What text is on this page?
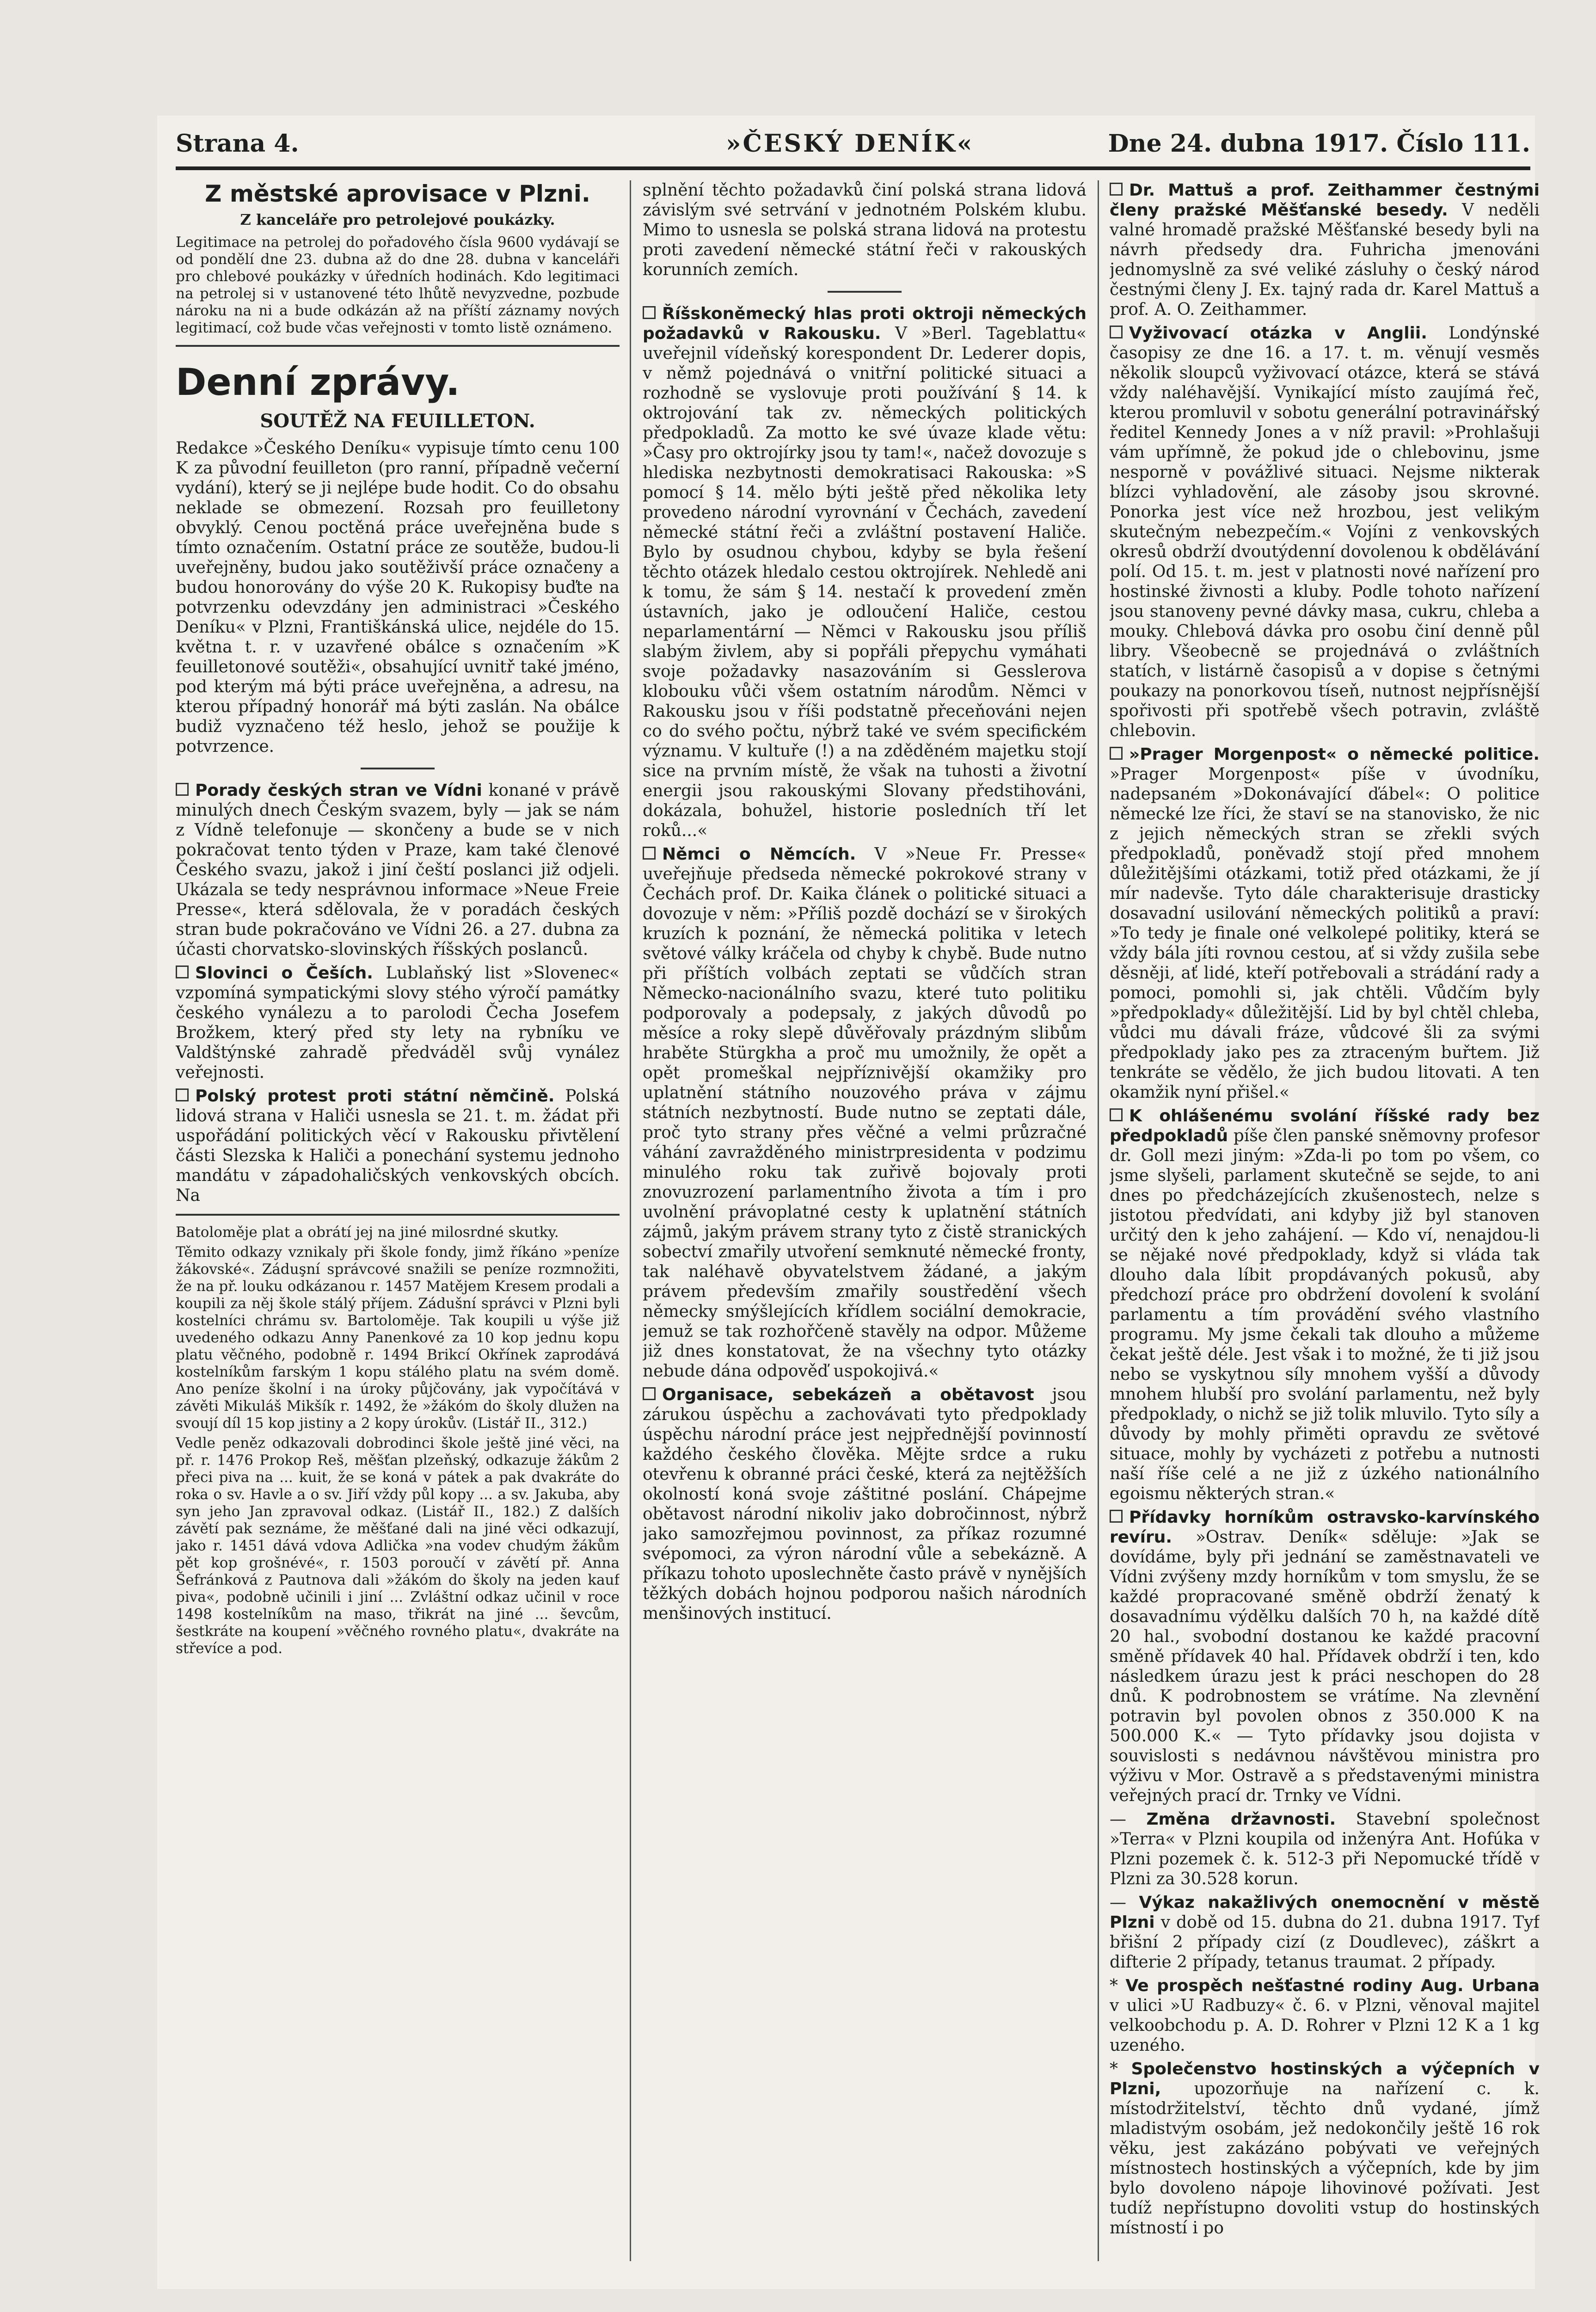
Strana 4.	»ČESKÝ DENÍK«	Dne 24. dubna 1917. Číslo 111.
Z městské aprovisace v Plzni.
Z kanceláře pro petrolejové poukázky.

Legitimace na petrolej do pořadového čísla 9600 vydávají se od pondělí dne 23. dubna až do dne 28. dubna v kanceláři pro chlebové poukázky v úředních hodinách. Kdo legitimaci na petrolej si v ustanovené této lhůtě nevyzvedne, pozbude nároku na ni a bude odkázán až na příští záznamy nových legitimací, což bude včas veřejnosti v tomto listě oznámeno.

Denní zprávy.
SOUTĚŽ NA FEUILLETON.

Redakce »Českého Deníku« vypisuje tímto cenu 100 K za původní feuilleton (pro ranní, případně večerní vydání), který se ji nejlépe bude hodit. Co do obsahu neklade se obmezení. Rozsah pro feuilletony obvyklý. Cenou poctěná práce uveřejněna bude s tímto označením. Ostatní práce ze soutěže, budou-li uveřejněny, budou jako soutěživší práce označeny a budou honorovány do výše 20 K. Rukopisy buďte na potvrzenku odevzdány jen administraci »Českého Deníku« v Plzni, Františkánská ulice, nejdéle do 15. května t. r. v uzavřené obálce s označením »K feuilletonové soutěži«, obsahující uvnitř také jméno, pod kterým má býti práce uveřejněna, a adresu, na kterou případný honorář má býti zaslán. Na obálce budiž vyznačeno též heslo, jehož se použije k potvrzence.

Porady českých stran ve Vídni konané v právě minulých dnech Českým svazem, byly — jak se nám z Vídně telefonuje — skončeny a bude se v nich pokračovat tento týden v Praze, kam také členové Českého svazu, jakož i jiní čeští poslanci již odjeli. Ukázala se tedy nesprávnou informace »Neue Freie Presse«, která sdělovala, že v poradách českých stran bude pokračováno ve Vídni 26. a 27. dubna za účasti chorvatsko-slovinských říšských poslanců.

Slovinci o Češích. Lublaňský list »Slovenec« vzpomíná sympatickými slovy stého výročí památky českého vynálezu a to parolodi Čecha Josefem Brožkem, který před sty lety na rybníku ve Valdštýnské zahradě předváděl svůj vynález veřejnosti.

Polský protest proti státní němčině. Polská lidová strana v Haliči usnesla se 21. t. m. žádat při uspořádání politických věcí v Rakousku přivtělení části Slezska k Haliči a ponechání systemu jednoho mandátu v západohaličských venkovských obcích. Na

Batoloměje plat a obrátí jej na jiné milosrdné skutky.

Těmito odkazy vznikaly při škole fondy, jimž říkáno »peníze žákovské«. Záduşní správcové snažili se peníze rozmnožiti, že na př. louku odkázanou r. 1457 Matějem Kresem prodali a koupili za něj škole stálý příjem. Zádušní správci v Plzni byli kostelníci chrámu sv. Bartoloměje. Tak koupili u výše již uvedeného odkazu Anny Panenkové za 10 kop jednu kopu platu věčného, podobně r. 1494 Brikcí Okřínek zaprodává kostelníkům farským 1 kopu stálého platu na svém domě. Ano peníze školní i na úroky půjčovány, jak vypočítává v závěti Mikuláš Mikšík r. 1492, že »žákóm do školy dlužen na svoují díl 15 kop jistiny a 2 kopy úrokův. (Listář II., 312.)

Vedle peněz odkazovali dobrodinci škole ještě jiné věci, na př. r. 1476 Prokop Reš, měšťan plzeňský, odkazuje žákům 2 přeci piva na ... kuit, že se koná v pátek a pak dvakráte do roka o sv. Havle a o sv. Jiří vždy půl kopy ... a sv. Jakuba, aby syn jeho Jan zpravoval odkaz. (Listář II., 182.) Z dalších závětí pak seznáme, že měšťané dali na jiné věci odkazují, jako r. 1451 dává vdova Adlička »na vodev chudým žákům pět kop grošnévé«, r. 1503 poroučí v závětí př. Anna Šefránková z Pautnova dali »žákóm do školy na jeden kauf piva«, podobně učinili i jiní ... Zvláštní odkaz učinil v roce 1498 kostelníkům na maso, třikrát na jiné ... ševcům, šestkráte na koupení »věčného rovného platu«, dvakráte na střevíce a pod.

splnění těchto požadavků činí polská strana lidová závislým své setrvání v jednotném Polském klubu. Mimo to usnesla se polská strana lidová na protestu proti zavedení německé státní řeči v rakouských korunních zemích.

Říšskoněmecký hlas proti oktroji německých požadavků v Rakousku. V »Berl. Tageblattu« uveřejnil vídeňský korespondent Dr. Lederer dopis, v němž pojednává o vnitřní politické situaci a rozhodně se vyslovuje proti používání § 14. k oktrojování tak zv. německých politických předpokladů. Za motto ke své úvaze klade větu: »Časy pro oktrojírky jsou ty tam!«, načež dovozuje s hlediska nezbytnosti demokratisaci Rakouska: »S pomocí § 14. mělo býti ještě před několika lety provedeno národní vyrovnání v Čechách, zavedení německé státní řeči a zvláštní postavení Haliče. Bylo by osudnou chybou, kdyby se byla řešení těchto otázek hledalo cestou oktrojírek. Nehledě ani k tomu, že sám § 14. nestačí k provedení změn ústavních, jako je odloučení Haliče, cestou neparlamentární — Němci v Rakousku jsou příliš slabým živlem, aby si popřáli přepychu vymáhati svoje požadavky nasazováním si Gesslerova klobouku vůči všem ostatním národům. Němci v Rakousku jsou v říši podstatně přeceňováni nejen co do svého počtu, nýbrž také ve svém specifickém významu. V kultuře (!) a na zděděném majetku stojí sice na prvním místě, že však na tuhosti a životní energii jsou rakouskými Slovany předstihováni, dokázala, bohužel, historie posledních tří let roků...«

Němci o Němcích. V »Neue Fr. Presse« uveřejňuje předseda německé pokrokové strany v Čechách prof. Dr. Kaika článek o politické situaci a dovozuje v něm: »Příliš pozdě dochází se v širokých kruzích k poznání, že německá politika v letech světové války kráčela od chyby k chybě. Bude nutno při příštích volbách zeptati se vůdčích stran Německo-nacionálního svazu, které tuto politiku podporovaly a podepsaly, z jakých důvodů po měsíce a roky slepě důvěřovaly prázdným slibům hraběte Stürgkha a proč mu umožnily, že opět a opět promeškal nejpříznivější okamžiky pro uplatnění státního nouzového práva v zájmu státních nezbytností. Bude nutno se zeptati dále, proč tyto strany přes věčné a velmi průzračné váhání zavražděného ministrpresidenta v podzimu minulého roku tak zuřivě bojovaly proti znovuzrození parlamentního života a tím i pro uvolnění právoplatné cesty k uplatnění státních zájmů, jakým právem strany tyto z čistě stranických sobectví zmařily utvoření semknuté německé fronty, tak naléhavě obyvatelstvem žádané, a jakým právem především zmařily soustředění všech německy smýšlejících křídlem sociální demokracie, jemuž se tak rozhořčeně stavěly na odpor. Můžeme již dnes konstatovat, že na všechny tyto otázky nebude dána odpověď uspokojivá.«

Organisace, sebekázeň a obětavost jsou zárukou úspěchu a zachovávati tyto předpoklady úspěchu národní práce jest nejpřednější povinností každého českého člověka. Mějte srdce a ruku otevřenu k obranné práci české, která za nejtěžších okolností koná svoje záštitné poslání. Chápejme obětavost národní nikoliv jako dobročinnost, nýbrž jako samozřejmou povinnost, za příkaz rozumné svépomoci, za výron národní vůle a sebekázně. A příkazu tohoto uposlechněte často právě v nynějších těžkých dobách hojnou podporou našich národních menšinových institucí.

Dr. Mattuš a prof. Zeithammer čestnými členy pražské Měšťanské besedy. V neděli valné hromadě pražské Měšťanské besedy byli na návrh předsedy dra. Fuhricha jmenováni jednomyslně za své veliké zásluhy o český národ čestnými členy J. Ex. tajný rada dr. Karel Mattuš a prof. A. O. Zeithammer.

Vyživovací otázka v Anglii. Londýnské časopisy ze dne 16. a 17. t. m. věnují vesměs několik sloupců vyživovací otázce, která se stává vždy naléhavější. Vynikající místo zaujímá řeč, kterou promluvil v sobotu generální potravinářský ředitel Kennedy Jones a v níž pravil: »Prohlašuji vám upřímně, že pokud jde o chlebovinu, jsme nesporně v povážlivé situaci. Nejsme nikterak blízci vyhladovění, ale zásoby jsou skrovné. Ponorka jest více než hrozbou, jest velikým skutečným nebezpečím.« Vojíni z venkovských okresů obdrží dvoutýdenní dovolenou k obdělávání polí. Od 15. t. m. jest v platnosti nové nařízení pro hostinské živnosti a kluby. Podle tohoto nařízení jsou stanoveny pevné dávky masa, cukru, chleba a mouky. Chlebová dávka pro osobu činí denně půl libry. Všeobecně se projednává o zvláštních statích, v listárně časopisů a v dopise s četnými poukazy na ponorkovou tíseň, nutnost nejpřísnější spořivosti při spotřebě všech potravin, zvláště chlebovin.

»Prager Morgenpost« o německé politice. »Prager Morgenpost« píše v úvodníku, nadepsaném »Dokonávající ďábel«: O politice německé lze říci, že staví se na stanovisko, že nic z jejich německých stran se zřekli svých předpokladů, poněvadž stojí před mnohem důležitějšími otázkami, totiž před otázkami, že jí mír nadevše. Tyto dále charakterisuje drasticky dosavadní usilování německých politiků a praví: »To tedy je finale oné velkolepé politiky, která se vždy bála jíti rovnou cestou, ať si vždy zušila sebe děsněji, ať lidé, kteří potřebovali a strádání rady a pomoci, pomohli si, jak chtěli. Vůdčím byly »předpoklady« důležitější. Lid by byl chtěl chleba, vůdci mu dávali fráze, vůdcové šli za svými předpoklady jako pes za ztraceným buřtem. Již tenkráte se vědělo, že jich budou litovati. A ten okamžik nyní přišel.«

K ohlášenému svolání říšské rady bez předpokladů píše člen panské sněmovny profesor dr. Goll mezi jiným: »Zda-li po tom po všem, co jsme slyšeli, parlament skutečně se sejde, to ani dnes po předcházejících zkušenostech, nelze s jistotou předvídati, ani kdyby již byl stanoven určitý den k jeho zahájení. — Kdo ví, nenajdou-li se nějaké nové předpoklady, když si vláda tak dlouho dala líbit propdávaných pokusů, aby předchozí práce pro obdržení dovolení k svolání parlamentu a tím provádění svého vlastního programu. My jsme čekali tak dlouho a můžeme čekat ještě déle. Jest však i to možné, že ti již jsou nebo se vyskytnou síly mnohem vyšší a důvody mnohem hlubší pro svolání parlamentu, než byly předpoklady, o nichž se již tolik mluvilo. Tyto síly a důvody by mohly přiměti opravdu ze světové situace, mohly by vycházeti z potřebu a nutnosti naší říše celé a ne již z úzkého nationálního egoismu některých stran.«

Přídavky horníkům ostravsko-karvínského revíru. »Ostrav. Deník« sděluje: »Jak se dovídáme, byly při jednání se zaměstnavateli ve Vídni zvýšeny mzdy horníkům v tom smyslu, že se každé propracované směně obdrží ženatý k dosavadnímu výdělku dalších 70 h, na každé dítě 20 hal., svobodní dostanou ke každé pracovní směně přídavek 40 hal. Přídavek obdrží i ten, kdo následkem úrazu jest k práci neschopen do 28 dnů. K podrobnostem se vrátíme. Na zlevnění potravin byl povolen obnos z 350.000 K na 500.000 K.« — Tyto přídavky jsou dojista v souvislosti s nedávnou návštěvou ministra pro výživu v Mor. Ostravě a s představenými ministra veřejných prací dr. Trnky ve Vídni.

— Změna državnosti. Stavební společnost »Terra« v Plzni koupila od inženýra Ant. Hofúka v Plzni pozemek č. k. 512-3 při Nepomucké třídě v Plzni za 30.528 korun.

— Výkaz nakažlivých onemocnění v městě Plzni v době od 15. dubna do 21. dubna 1917. Tyf břišní 2 případy cizí (z Doudlevec), záškrt a difterie 2 případy, tetanus traumat. 2 případy.

* Ve prospěch nešťastné rodiny Aug. Urbana v ulici »U Radbuzy« č. 6. v Plzni, věnoval majitel velkoobchodu p. A. D. Rohrer v Plzni 12 K a 1 kg uzeného.

* Společenstvo hostinských a výčepních v Plzni, upozorňuje na nařízení c. k. místodržitelství, těchto dnů vydané, jímž mladistvým osobám, jež nedokončily ještě 16 rok věku, jest zakázáno pobývati ve veřejných místnostech hostinských a výčepních, kde by jim bylo dovoleno nápoje lihovinové požívati. Jest tudíž nepřístupno dovoliti vstup do hostinských místností i po
